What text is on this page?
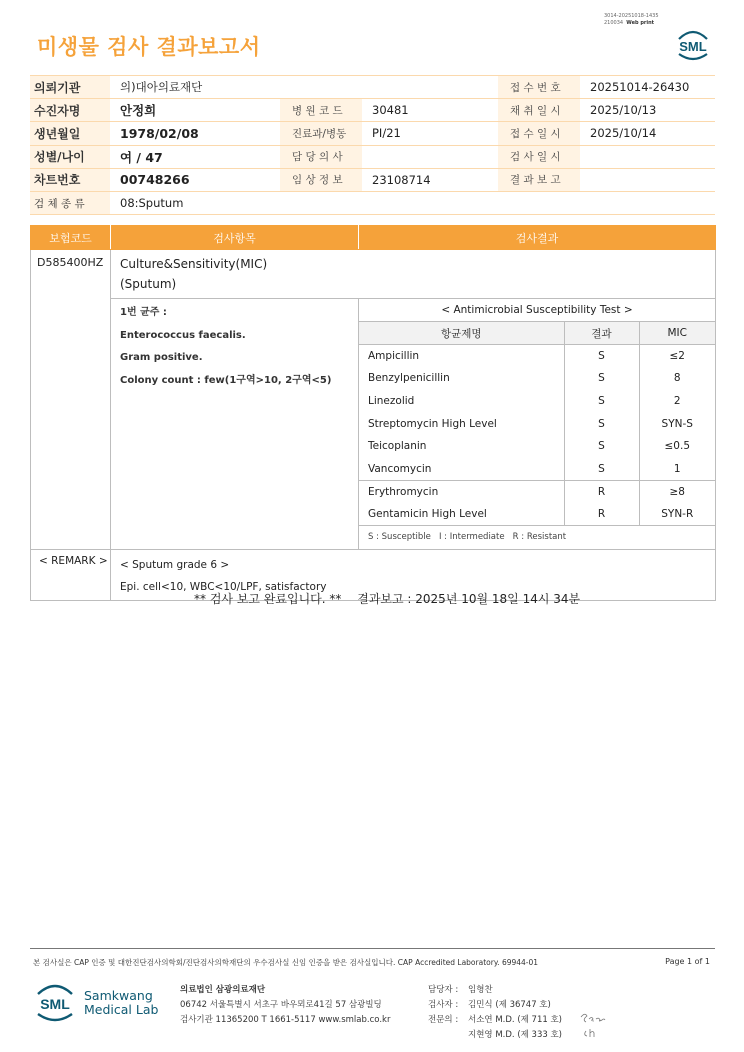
미생물 검사 결과보고서
3014-20251018-1435
210034 Web print
SML
의뢰기관	의)대아의료재단			접 수 번 호	20251014-26430
수진자명	안정희	병 원 코 드	30481	채 취 일 시	2025/10/13
생년월일	1978/02/08	진료과/병동	PI/21	접 수 일 시	2025/10/14
성별/나이	여 / 47	담 당 의 사		검 사 일 시	
차트번호	00748266	임 상 정 보	23108714	결 과 보 고	
검 체 종 류	08:Sputum				
보험코드	검사항목	검사결과
D585400HZ	Culture&Sensitivity(MIC)
(Sputum)

1번 균주 :
Enterococcus faecalis.
Gram positive.
Colony count : few(1구역>10, 2구역<5)

< Antimicrobial Susceptibility Test >
항균제명	결과	MIC
Ampicillin	S	≤2
Benzylpenicillin	S	8
Linezolid	S	2
Streptomycin High Level	S	SYN-S
Teicoplanin	S	≤0.5
Vancomycin	S	1
Erythromycin	R	≥8
Gentamicin High Level	R	SYN-R
S : Susceptible   I : Intermediate   R : Resistant

< REMARK >	< Sputum grade 6 >
Epi. cell<10, WBC<10/LPF, satisfactory
** 검사 보고 완료입니다. ** 결과보고 : 2025년 10월 18일 14시 34분
본 검사실은 CAP 인증 및 대한진단검사의학회/진단검사의학재단의 우수검사실 신임 인증을 받은 검사실입니다. CAP Accredited Laboratory. 69944-01	Page 1 of 1
SML
Samkwang
Medical Lab
의료법인 삼광의료재단
06742 서울특별시 서초구 바우뫼로41길 57 삼광빌딩
검사기관 11365200 T 1661-5117 www.smlab.co.kr
담당자 :	임형찬
검사자 :	김민식 (제 36747 호)
전문의 :	서소연 M.D. (제 711 호)
지현영 M.D. (제 333 호)
